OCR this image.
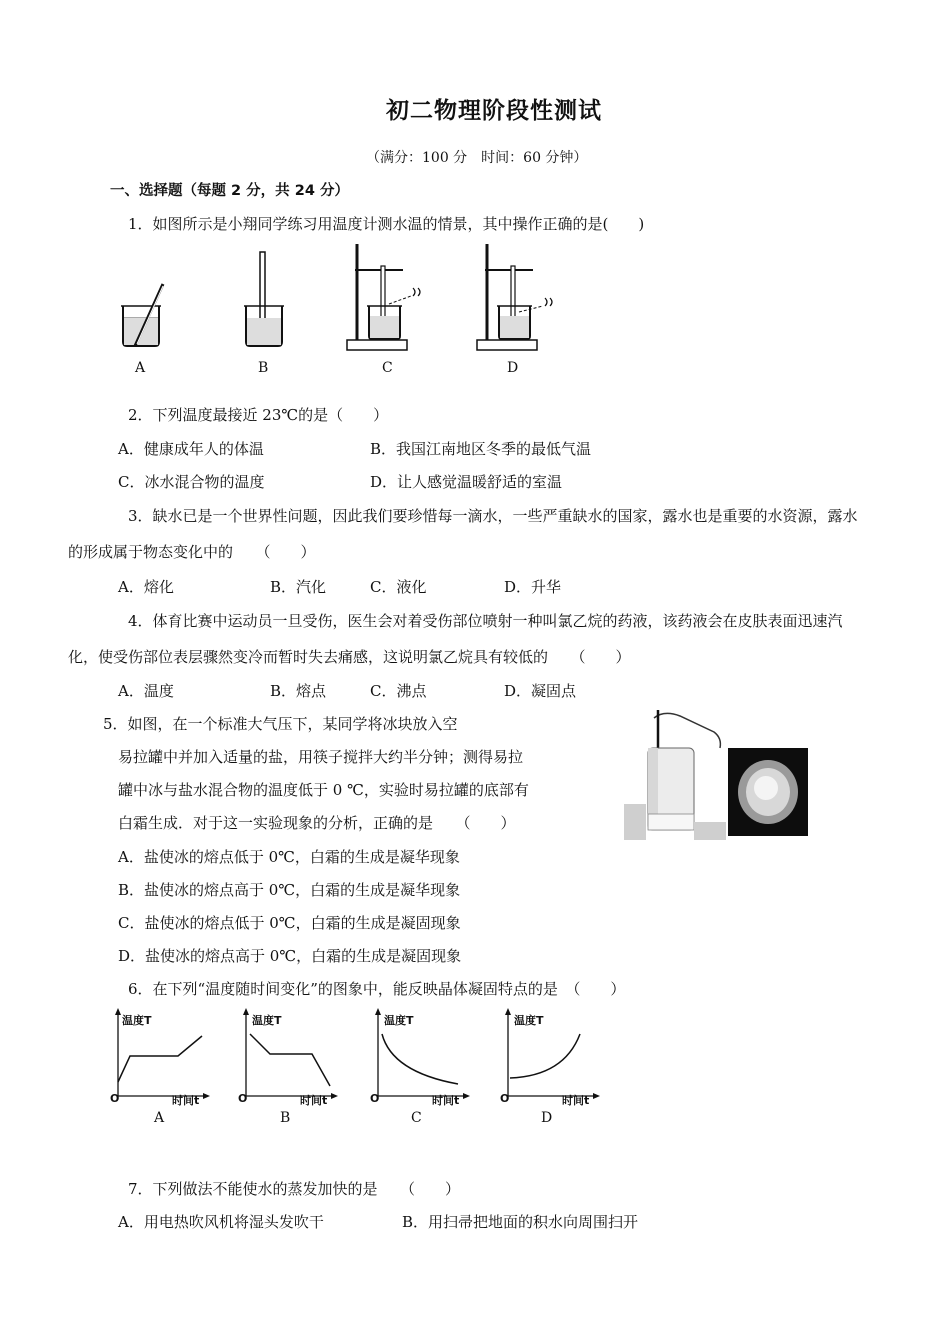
初二物理阶段性测试
（满分：100 分　时间：60 分钟）
一、选择题（每题 2 分，共 24 分）
1．如图所示是小翔同学练习用温度计测水温的情景，其中操作正确的是(　　)
A	B	C	D
2．下列温度最接近 23℃的是（　　）
A．健康成年人的体温	B．我国江南地区冬季的最低气温
C．冰水混合物的温度	D．让人感觉温暖舒适的室温
3．缺水已是一个世界性问题，因此我们要珍惜每一滴水，一些严重缺水的国家，露水也是重要的水资源，露水
的形成属于物态变化中的　　（　　）
A．熔化	B．汽化	C．液化	D．升华
4．体育比赛中运动员一旦受伤，医生会对着受伤部位喷射一种叫氯乙烷的药液，该药液会在皮肤表面迅速汽
化，使受伤部位表层骤然变冷而暂时失去痛感，这说明氯乙烷具有较低的　　（　　）
A．温度	B．熔点	C．沸点	D．凝固点
5．如图，在一个标准大气压下，某同学将冰块放入空
易拉罐中并加入适量的盐，用筷子搅拌大约半分钟；测得易拉
罐中冰与盐水混合物的温度低于 0 ℃，实验时易拉罐的底部有
白霜生成．对于这一实验现象的分析，正确的是　　（　　）
A．盐使冰的熔点低于 0℃，白霜的生成是凝华现象
B．盐使冰的熔点高于 0℃，白霜的生成是凝华现象
C．盐使冰的熔点低于 0℃，白霜的生成是凝固现象
D．盐使冰的熔点高于 0℃，白霜的生成是凝固现象
6．在下列“温度随时间变化”的图象中，能反映晶体凝固特点的是　（　　）
温度T
O	时间t
A
温度T
O	时间t
B
温度T
O	时间t
C
温度T
O	时间t
D
7．下列做法不能使水的蒸发加快的是　　（　　）
A．用电热吹风机将湿头发吹干	B．用扫帚把地面的积水向周围扫开
